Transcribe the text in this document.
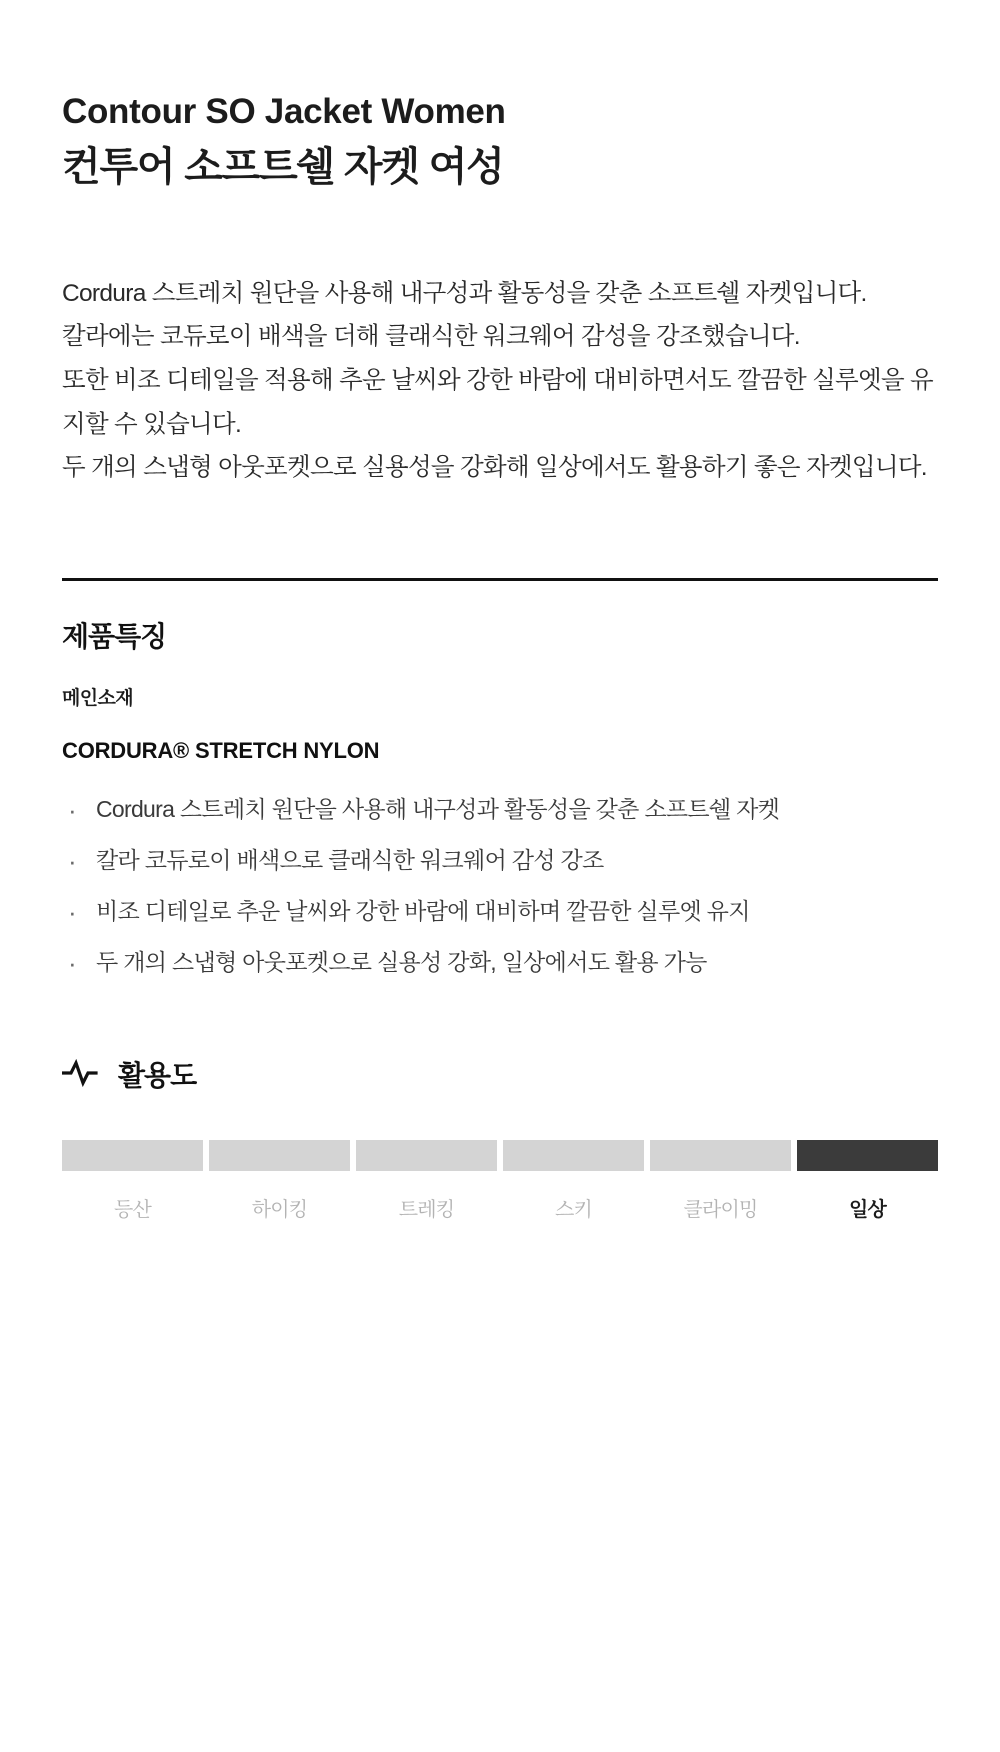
Contour SO Jacket Women
컨투어 소프트쉘 자켓 여성

Cordura 스트레치 원단을 사용해 내구성과 활동성을 갖춘 소프트쉘 자켓입니다.

칼라에는 코듀로이 배색을 더해 클래식한 워크웨어 감성을 강조했습니다.

또한 비조 디테일을 적용해 추운 날씨와 강한 바람에 대비하면서도 깔끔한 실루엣을 유지할 수 있습니다.

두 개의 스냅형 아웃포켓으로 실용성을 강화해 일상에서도 활용하기 좋은 자켓입니다.

제품특징
메인소재
CORDURA® STRETCH NYLON
· Cordura 스트레치 원단을 사용해 내구성과 활동성을 갖춘 소프트쉘 자켓
· 칼라 코듀로이 배색으로 클래식한 워크웨어 감성 강조
· 비조 디테일로 추운 날씨와 강한 바람에 대비하며 깔끔한 실루엣 유지
· 두 개의 스냅형 아웃포켓으로 실용성 강화, 일상에서도 활용 가능
활용도
등산	하이킹	트레킹	스키	클라이밍	일상
